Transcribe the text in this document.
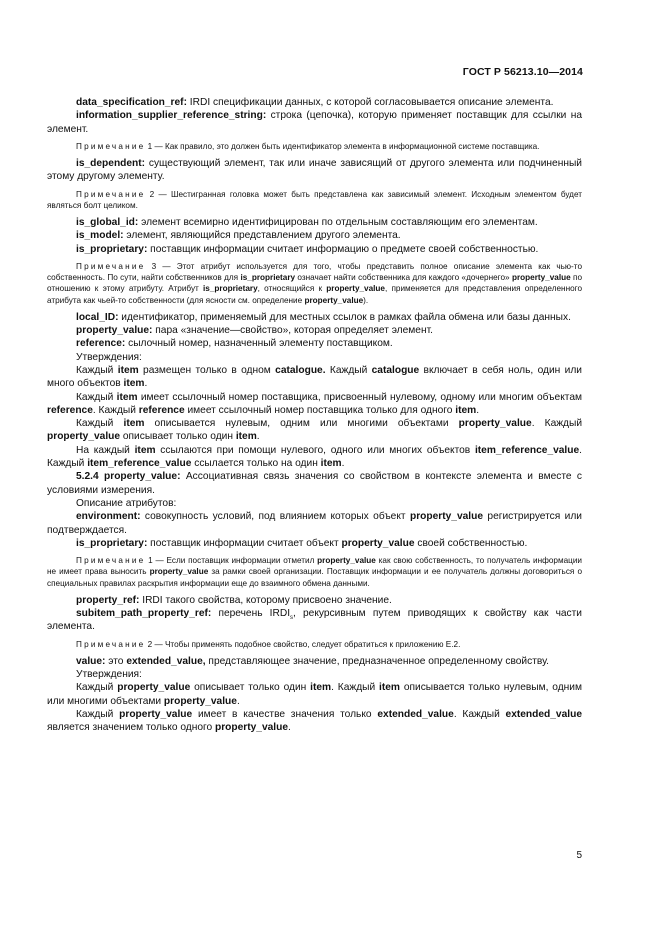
ГОСТ Р 56213.10—2014

data_specification_ref: IRDI спецификации данных, с которой согласовывается описание элемента.

information_supplier_reference_string: строка (цепочка), которую применяет поставщик для ссылки на элемент.

Примечание 1 — Как правило, это должен быть идентификатор элемента в информационной системе поставщика.

is_dependent: существующий элемент, так или иначе зависящий от другого элемента или подчиненный этому другому элементу.

Примечание 2 — Шестигранная головка может быть представлена как зависимый элемент. Исходным элементом будет являться болт целиком.

is_global_id: элемент всемирно идентифицирован по отдельным составляющим его элементам.

is_model: элемент, являющийся представлением другого элемента.

is_proprietary: поставщик информации считает информацию о предмете своей собственностью.

Примечание 3 — Этот атрибут используется для того, чтобы представить полное описание элемента как чью-то собственность. По сути, найти собственников для is_proprietary означает найти собственника для каждого «дочернего» property_value по отношению к этому атрибуту. Атрибут is_proprietary, относящийся к property_value, применяется для представления определенного атрибута как чьей-то собственности (для ясности см. определение property_value).

local_ID: идентификатор, применяемый для местных ссылок в рамках файла обмена или базы данных.

property_value: пара «значение—свойство», которая определяет элемент.

reference: сылочный номер, назначенный элементу поставщиком.

Утверждения:

Каждый item размещен только в одном catalogue. Каждый catalogue включает в себя ноль, один или много объектов item.

Каждый item имеет ссылочный номер поставщика, присвоенный нулевому, одному или многим объектам reference. Каждый reference имеет ссылочный номер поставщика только для одного item.

Каждый item описывается нулевым, одним или многими объектами property_value. Каждый property_value описывает только один item.

На каждый item ссылаются при помощи нулевого, одного или многих объектов item_reference_value. Каждый item_reference_value ссылается только на один item.

5.2.4 property_value: Ассоциативная связь значения со свойством в контексте элемента и вместе с условиями измерения.

Описание атрибутов:

environment: совокупность условий, под влиянием которых объект property_value регистрируется или подтверждается.

is_proprietary: поставщик информации считает объект property_value своей собственностью.

Примечание 1 — Если поставщик информации отметил property_value как свою собственность, то получатель информации не имеет права выносить property_value за рамки своей организации. Поставщик информации и ее получатель должны договориться о специальных правилах раскрытия информации еще до взаимного обмена данными.

property_ref: IRDI такого свойства, которому присвоено значение.

subitem_path_property_ref: перечень $IRDI_s$, рекурсивным путем приводящих к свойству как части элемента.

Примечание 2 — Чтобы применять подобное свойство, следует обратиться к приложению Е.2.

value: это extended_value, представляющее значение, предназначенное определенному свойству.

Утверждения:

Каждый property_value описывает только один item. Каждый item описывается только нулевым, одним или многими объектами property_value.

Каждый property_value имеет в качестве значения только extended_value. Каждый extended_value является значением только одного property_value.

5
